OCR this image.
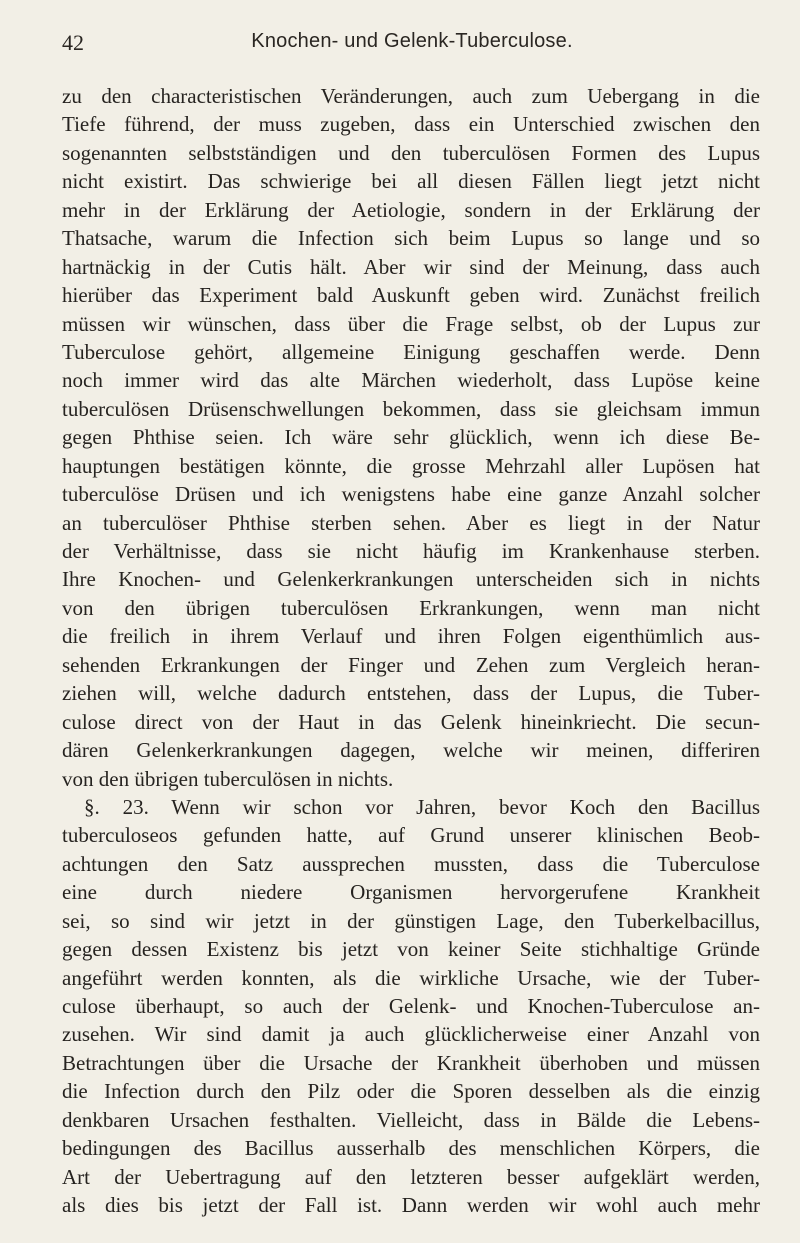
42	Knochen- und Gelenk-Tuberculose.
zu den characteristischen Veränderungen, auch zum Uebergang in die
Tiefe führend, der muss zugeben, dass ein Unterschied zwischen den
sogenannten selbstständigen und den tuberculösen Formen des Lupus
nicht existirt. Das schwierige bei all diesen Fällen liegt jetzt nicht
mehr in der Erklärung der Aetiologie, sondern in der Erklärung der
Thatsache, warum die Infection sich beim Lupus so lange und so
hartnäckig in der Cutis hält. Aber wir sind der Meinung, dass auch
hierüber das Experiment bald Auskunft geben wird. Zunächst freilich
müssen wir wünschen, dass über die Frage selbst, ob der Lupus zur
Tuberculose gehört, allgemeine Einigung geschaffen werde. Denn
noch immer wird das alte Märchen wiederholt, dass Lupöse keine
tuberculösen Drüsenschwellungen bekommen, dass sie gleichsam immun
gegen Phthise seien. Ich wäre sehr glücklich, wenn ich diese Be-
hauptungen bestätigen könnte, die grosse Mehrzahl aller Lupösen hat
tuberculöse Drüsen und ich wenigstens habe eine ganze Anzahl solcher
an tuberculöser Phthise sterben sehen. Aber es liegt in der Natur
der Verhältnisse, dass sie nicht häufig im Krankenhause sterben.
Ihre Knochen- und Gelenkerkrankungen unterscheiden sich in nichts
von den übrigen tuberculösen Erkrankungen, wenn man nicht
die freilich in ihrem Verlauf und ihren Folgen eigenthümlich aus-
sehenden Erkrankungen der Finger und Zehen zum Vergleich heran-
ziehen will, welche dadurch entstehen, dass der Lupus, die Tuber-
culose direct von der Haut in das Gelenk hineinkriecht. Die secun-
dären Gelenkerkrankungen dagegen, welche wir meinen, differiren
von den übrigen tuberculösen in nichts.
§. 23. Wenn wir schon vor Jahren, bevor Koch den Bacillus
tuberculoseos gefunden hatte, auf Grund unserer klinischen Beob-
achtungen den Satz aussprechen mussten, dass die Tuberculose
eine durch niedere Organismen hervorgerufene Krankheit
sei, so sind wir jetzt in der günstigen Lage, den Tuberkelbacillus,
gegen dessen Existenz bis jetzt von keiner Seite stichhaltige Gründe
angeführt werden konnten, als die wirkliche Ursache, wie der Tuber-
culose überhaupt, so auch der Gelenk- und Knochen-Tuberculose an-
zusehen. Wir sind damit ja auch glücklicherweise einer Anzahl von
Betrachtungen über die Ursache der Krankheit überhoben und müssen
die Infection durch den Pilz oder die Sporen desselben als die einzig
denkbaren Ursachen festhalten. Vielleicht, dass in Bälde die Lebens-
bedingungen des Bacillus ausserhalb des menschlichen Körpers, die
Art der Uebertragung auf den letzteren besser aufgeklärt werden,
als dies bis jetzt der Fall ist. Dann werden wir wohl auch mehr
